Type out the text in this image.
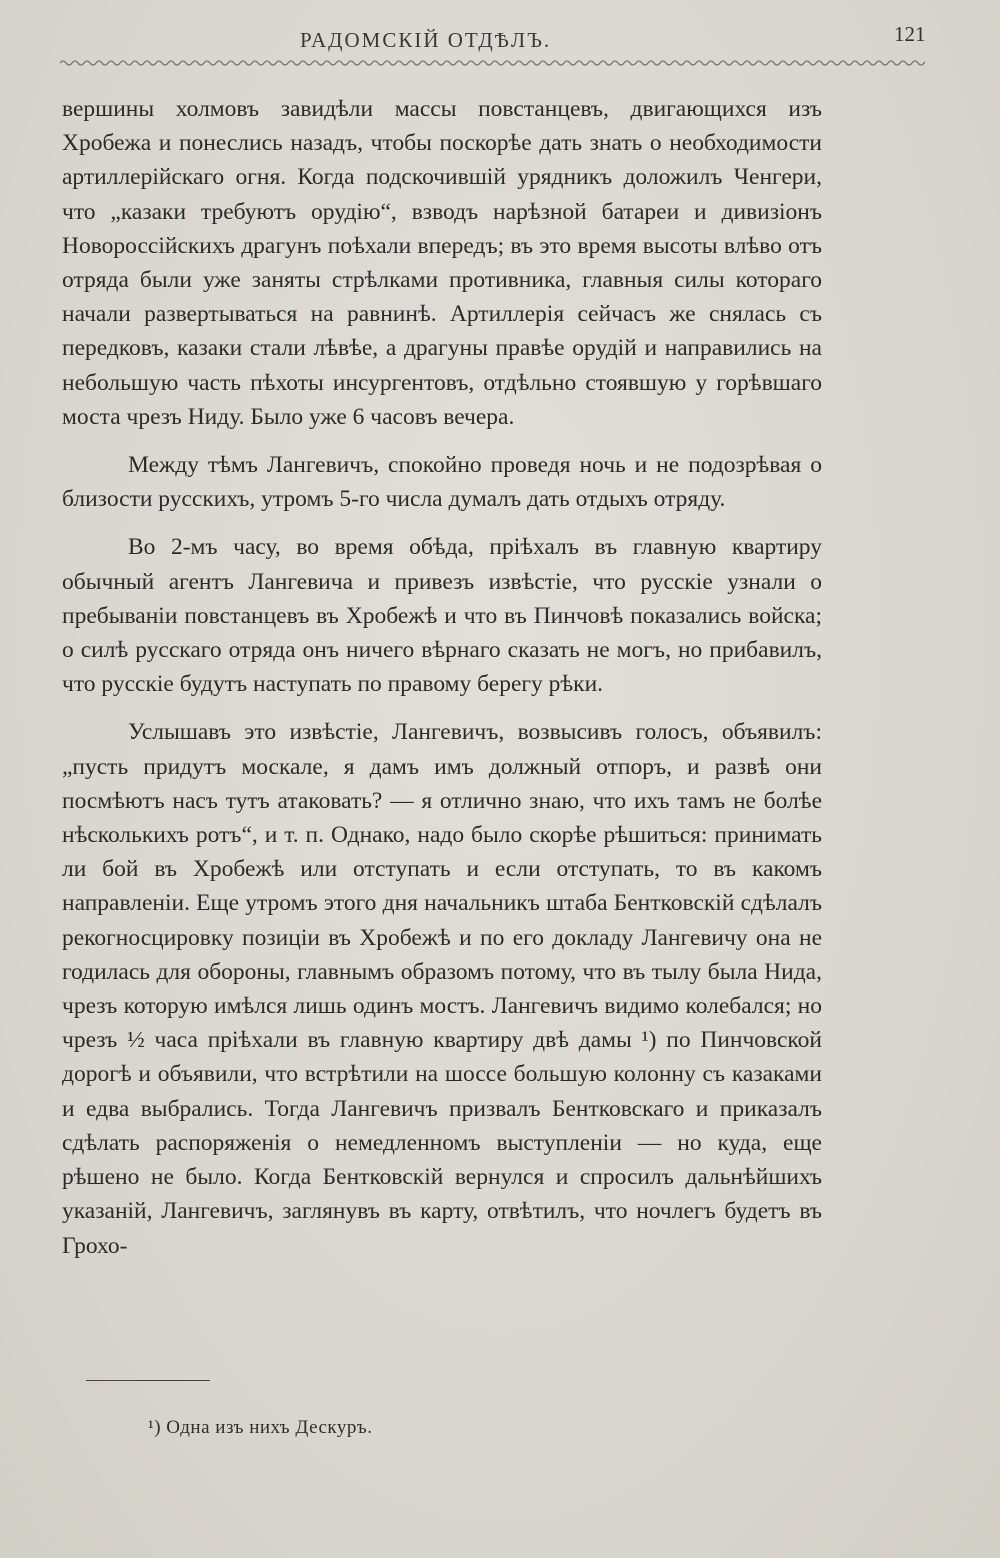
РАДОМСКIЙ ОТДѢЛЪ.	121

вершины холмовъ завидѣли массы повстанцевъ, двигающихся изъ Хробежа и понеслись назадъ, чтобы поскорѣе дать знать о необходимости артиллерiйскаго огня. Когда подскочившiй урядникъ доложилъ Ченгери, что „казаки требуютъ орудiю“, взводъ нарѣзной батареи и дивизiонъ Новороссiйскихъ драгунъ поѣхали впередъ; въ это время высоты влѣво отъ отряда были уже заняты стрѣлками противника, главныя силы котораго начали развертываться на равнинѣ. Артиллерiя сейчасъ же снялась съ передковъ, казаки стали лѣвѣе, а драгуны правѣе орудiй и направились на небольшую часть пѣхоты инсургентовъ, отдѣльно стоявшую у горѣвшаго моста чрезъ Ниду. Было уже 6 часовъ вечера.

Между тѣмъ Лангевичъ, спокойно проведя ночь и не подозрѣвая о близости русскихъ, утромъ 5-го числа думалъ дать отдыхъ отряду.

Во 2-мъ часу, во время обѣда, прiѣхалъ въ главную квартиру обычный агентъ Лангевича и привезъ извѣстiе, что русскiе узнали о пребыванiи повстанцевъ въ Хробежѣ и что въ Пинчовѣ показались войска; о силѣ русскаго отряда онъ ничего вѣрнаго сказать не могъ, но прибавилъ, что русскiе будутъ наступать по правому берегу рѣки.

Услышавъ это извѣстiе, Лангевичъ, возвысивъ голосъ, объявилъ: „пусть придутъ москале, я дамъ имъ должный отпоръ, и развѣ они посмѣютъ насъ тутъ атаковать? — я отлично знаю, что ихъ тамъ не болѣе нѣсколькихъ ротъ“, и т. п. Однако, надо было скорѣе рѣшиться: принимать ли бой въ Хробежѣ или отступать и если отступать, то въ какомъ направленiи. Еще утромъ этого дня начальникъ штаба Бентковскiй сдѣлалъ рекогносцировку позицiи въ Хробежѣ и по его докладу Лангевичу она не годилась для обороны, главнымъ образомъ потому, что въ тылу была Нида, чрезъ которую имѣлся лишь одинъ мостъ. Лангевичъ видимо колебался; но чрезъ ½ часа прiѣхали въ главную квартиру двѣ дамы ¹) по Пинчовской дорогѣ и объявили, что встрѣтили на шоссе большую колонну съ казаками и едва выбрались. Тогда Лангевичъ призвалъ Бентковскаго и приказалъ сдѣлать распоряженiя о немедленномъ выступленiи — но куда, еще рѣшено не было. Когда Бентковскiй вернулся и спросилъ дальнѣйшихъ указанiй, Лангевичъ, заглянувъ въ карту, отвѣтилъ, что ночлегъ будетъ въ Грохо-

¹) Одна изъ нихъ Дескуръ.
